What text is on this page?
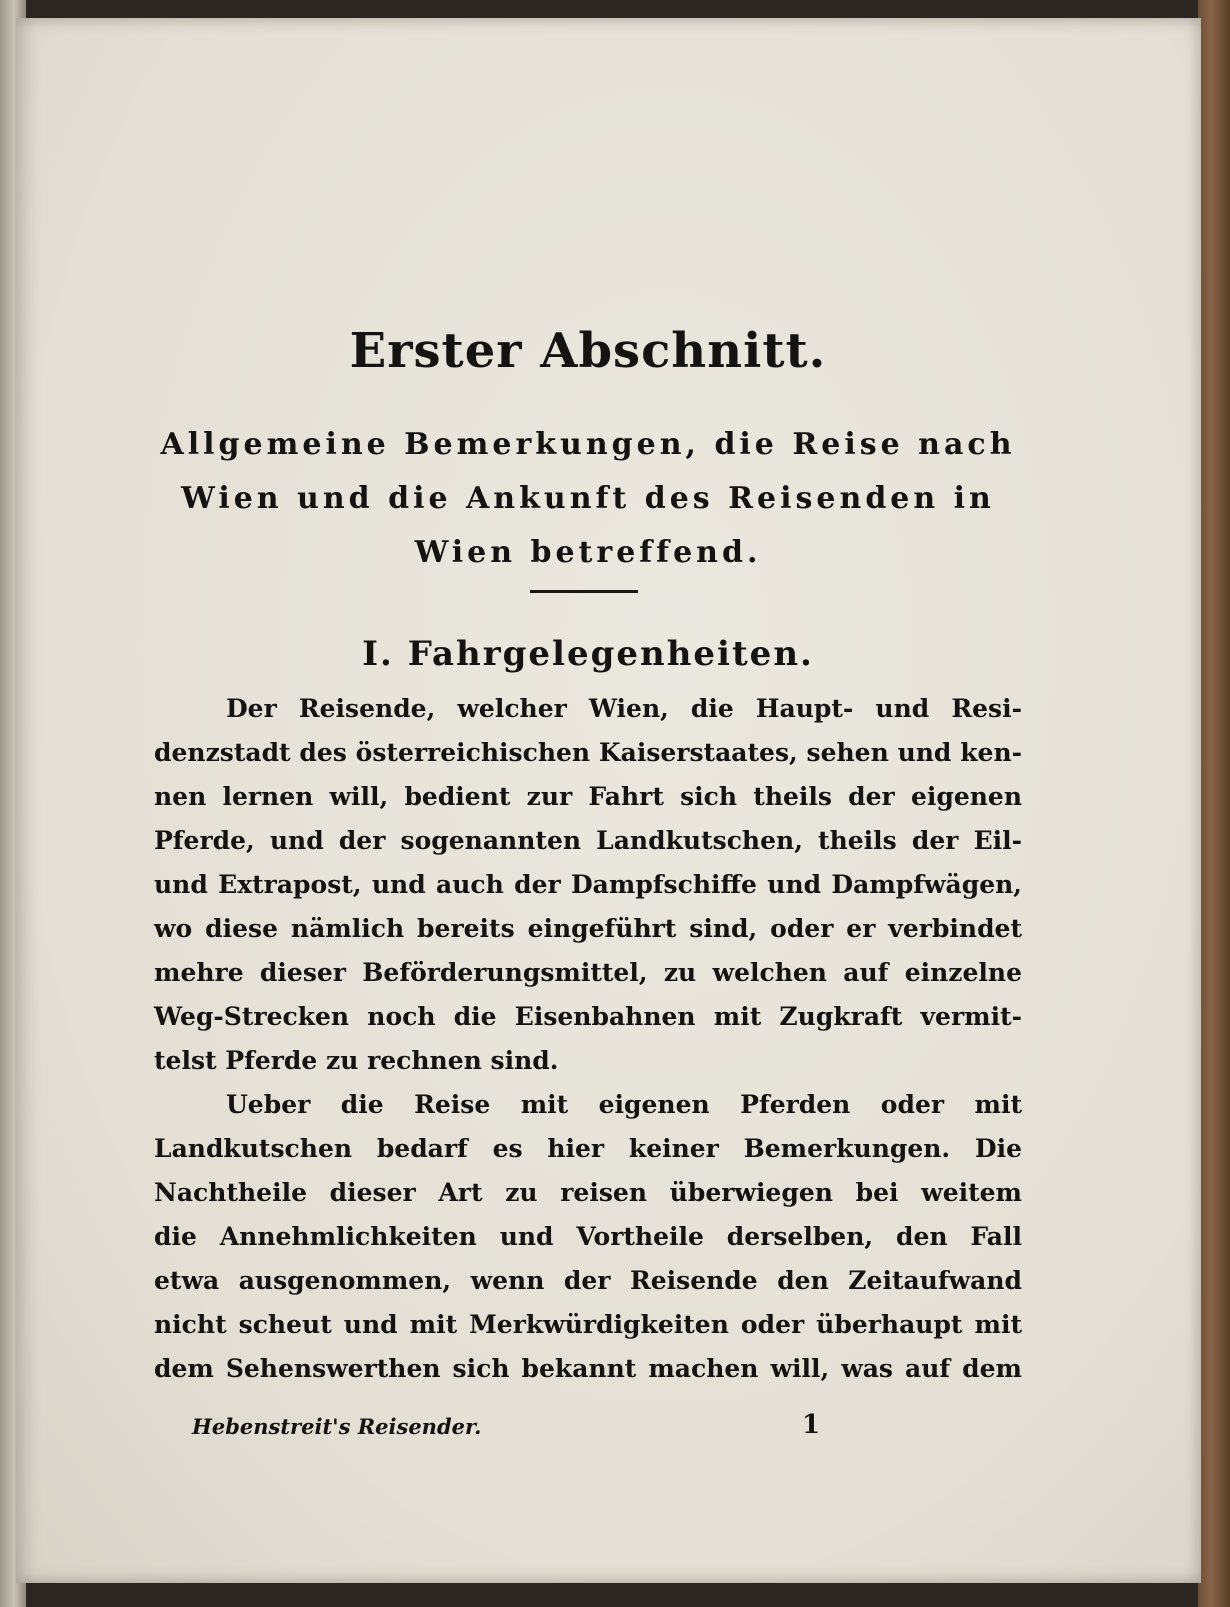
Erster Abschnitt.
Allgemeine Bemerkungen, die Reise nach
Wien und die Ankunft des Reisenden in
Wien betreffend.
I. Fahrgelegenheiten.
Der Reisende, welcher Wien, die Haupt- und Resi-
denzstadt des österreichischen Kaiserstaates, sehen und ken-
nen lernen will, bedient zur Fahrt sich theils der eigenen
Pferde, und der sogenannten Landkutschen, theils der Eil-
und Extrapost, und auch der Dampfschiffe und Dampfwägen,
wo diese nämlich bereits eingeführt sind, oder er verbindet
mehre dieser Beförderungsmittel, zu welchen auf einzelne
Weg-Strecken noch die Eisenbahnen mit Zugkraft vermit-
telst Pferde zu rechnen sind.
Ueber die Reise mit eigenen Pferden oder mit
Landkutschen bedarf es hier keiner Bemerkungen. Die
Nachtheile dieser Art zu reisen überwiegen bei weitem
die Annehmlichkeiten und Vortheile derselben, den Fall
etwa ausgenommen, wenn der Reisende den Zeitaufwand
nicht scheut und mit Merkwürdigkeiten oder überhaupt mit
dem Sehenswerthen sich bekannt machen will, was auf dem
Hebenstreit's Reisender.	1
